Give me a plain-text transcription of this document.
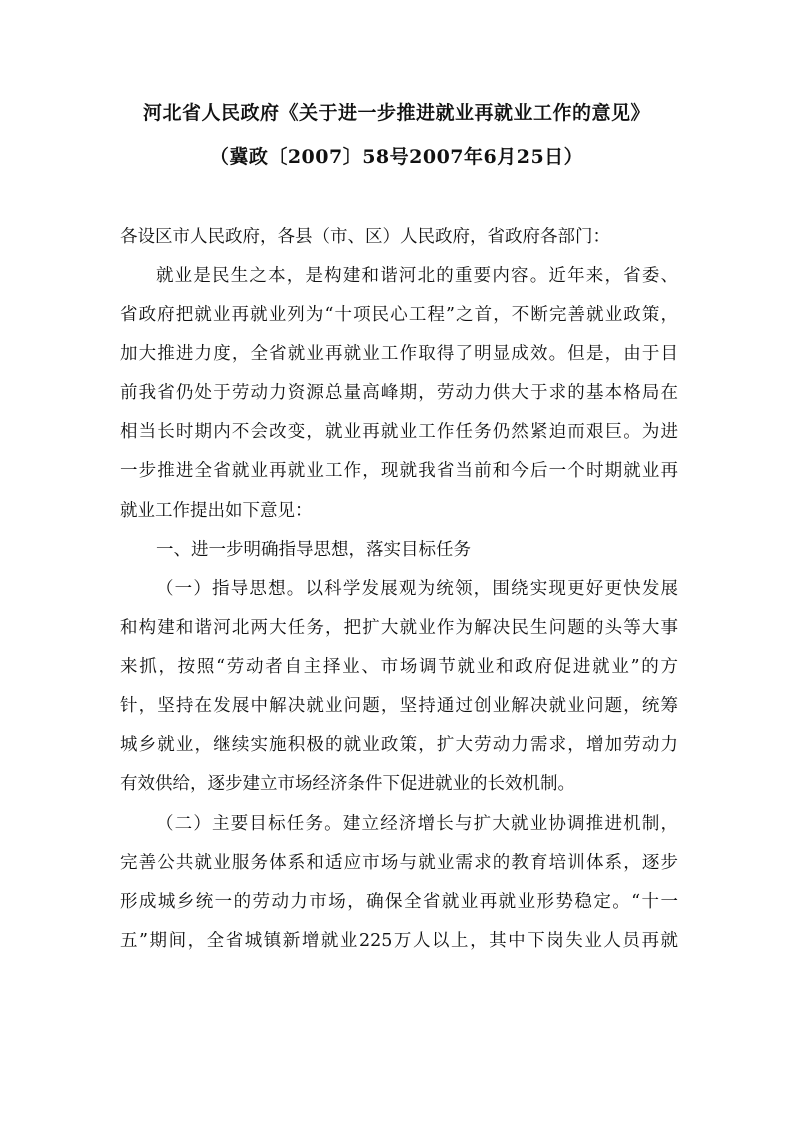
河北省人民政府《关于进一步推进就业再就业工作的意见》
（冀政〔2007〕58号2007年6月25日）
各设区市人民政府，各县（市、区）人民政府，省政府各部门：
就业是民生之本，是构建和谐河北的重要内容。近年来，省委、
省政府把就业再就业列为“十项民心工程”之首，不断完善就业政策，
加大推进力度，全省就业再就业工作取得了明显成效。但是，由于目
前我省仍处于劳动力资源总量高峰期，劳动力供大于求的基本格局在
相当长时期内不会改变，就业再就业工作任务仍然紧迫而艰巨。为进
一步推进全省就业再就业工作，现就我省当前和今后一个时期就业再
就业工作提出如下意见：
一、进一步明确指导思想，落实目标任务
（一）指导思想。以科学发展观为统领，围绕实现更好更快发展
和构建和谐河北两大任务，把扩大就业作为解决民生问题的头等大事
来抓，按照“劳动者自主择业、市场调节就业和政府促进就业”的方
针，坚持在发展中解决就业问题，坚持通过创业解决就业问题，统筹
城乡就业，继续实施积极的就业政策，扩大劳动力需求，增加劳动力
有效供给，逐步建立市场经济条件下促进就业的长效机制。
（二）主要目标任务。建立经济增长与扩大就业协调推进机制，
完善公共就业服务体系和适应市场与就业需求的教育培训体系，逐步
形成城乡统一的劳动力市场，确保全省就业再就业形势稳定。“十一
五”期间，全省城镇新增就业225万人以上，其中下岗失业人员再就
